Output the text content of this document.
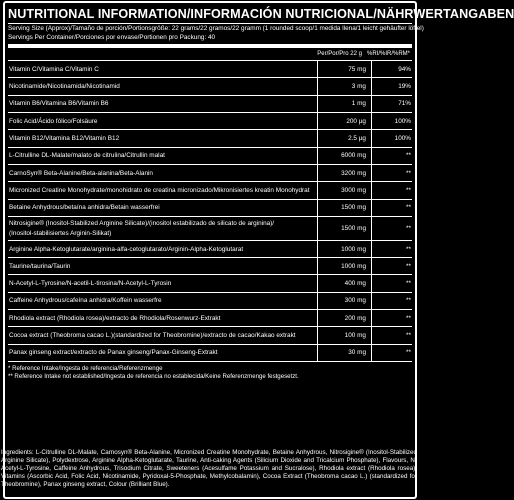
NUTRITIONAL INFORMATION/INFORMACIÓN NUTRICIONAL/NÄHRWERTANGABEN
Serving Size (Approx)/Tamaño de porción/Portionsgröße: 22 grams/22 gramos/22 gramm (1 rounded scoop/1 medida llena/1 leicht gehäufter löffel)
Servings Per Container/Porciones por envase/Portionen pro Packung: 40
Per/Por/Pro 22 g %RI/%IR/%RM*
Vitamin C/Vitamina C/Vitamin C	75 mg	94%
Nicotinamide/Nicotinamida/Nicotinamid	3 mg	19%
Vitamin B6/Vitamina B6/Vitamin B6	1 mg	71%
Folic Acid/Ácido fólico/Folsäure	200 µg	100%
Vitamin B12/Vitamina B12/Vitamin B12	2.5 µg	100%
L-Citrulline DL-Malate/malato de citrulina/Citrullin malat	6000 mg	**
CarnoSyn® Beta-Alanine/Beta-alanina/Beta-Alanin	3200 mg	**
Micronized Creatine Monohydrate/monohidrato de creatina micronizado/Mikronisiertes kreatin Monohydrat	3000 mg	**
Betaine Anhydrous/betaína anhidra/Betain wasserfrei	1500 mg	**
Nitrosigine® (Inositol-Stabilized Arginine Silicate)/(inositol estabilizado de silicato de arginina)/
(Inositol-stabilisiertes Arginin-Silikat)
1500 mg	**
Arginine Alpha-Ketoglutarate/arginina-alfa-cetoglutarato/Arginin-Alpha-Ketoglutarat	1000 mg	**
Taurine/taurina/Taurin	1000 mg	**
N-Acetyl-L-Tyrosine/N-acetil-L-tirosina/N-Acetyl-L-Tyrosin	400 mg	**
Caffeine Anhydrous/cafeína anhidra/Koffein wasserfre	300 mg	**
Rhodiola extract (Rhodiola rosea)/extracto de Rhodiola/Rosenwurz-Extrakt	200 mg	**
Cocoa extract (Theobroma cacao L.)(standardized for Theobromine)/extracto de cacao/Kakao extrakt	100 mg	**
Panax ginseng extract/extracto de Panax ginseng/Panax-Ginseng-Extrakt	30 mg	**
* Reference Intake/Ingesta de referencia/Referenzmenge
** Reference Intake not established/Ingesta de referencia no establecida/Keine Referenzmenge festgesetzt.
Ingredients: L-Citrulline DL-Malate, Carnosyn® Beta-Alanine, Micronized Creatine Monohydrate, Betaine Anhydrous, Nitrosigine® (Inositol-Stabilized Arginine Silicate), Polydextrose, Arginine Alpha-Ketoglutarate, Taurine, Anti-caking Agents (Silicium Dioxide and Tricalcium Phosphate), Flavours, N-Acetyl-L-Tyrosine, Caffeine Anhydrous, Trisodium Citrate, Sweeteners (Acesulfame Potassium and Sucralose), Rhodiola extract (Rhodiola rosea), Vitamins (Ascorbic Acid, Folic Acid, Nicotinamide, Pyridoxal-5-Phosphate, Methylcobalamin), Cocoa Extract (Theobroma cacao L.) (standardized for Theobromine), Panax ginseng extract, Colour (Brilliant Blue).
